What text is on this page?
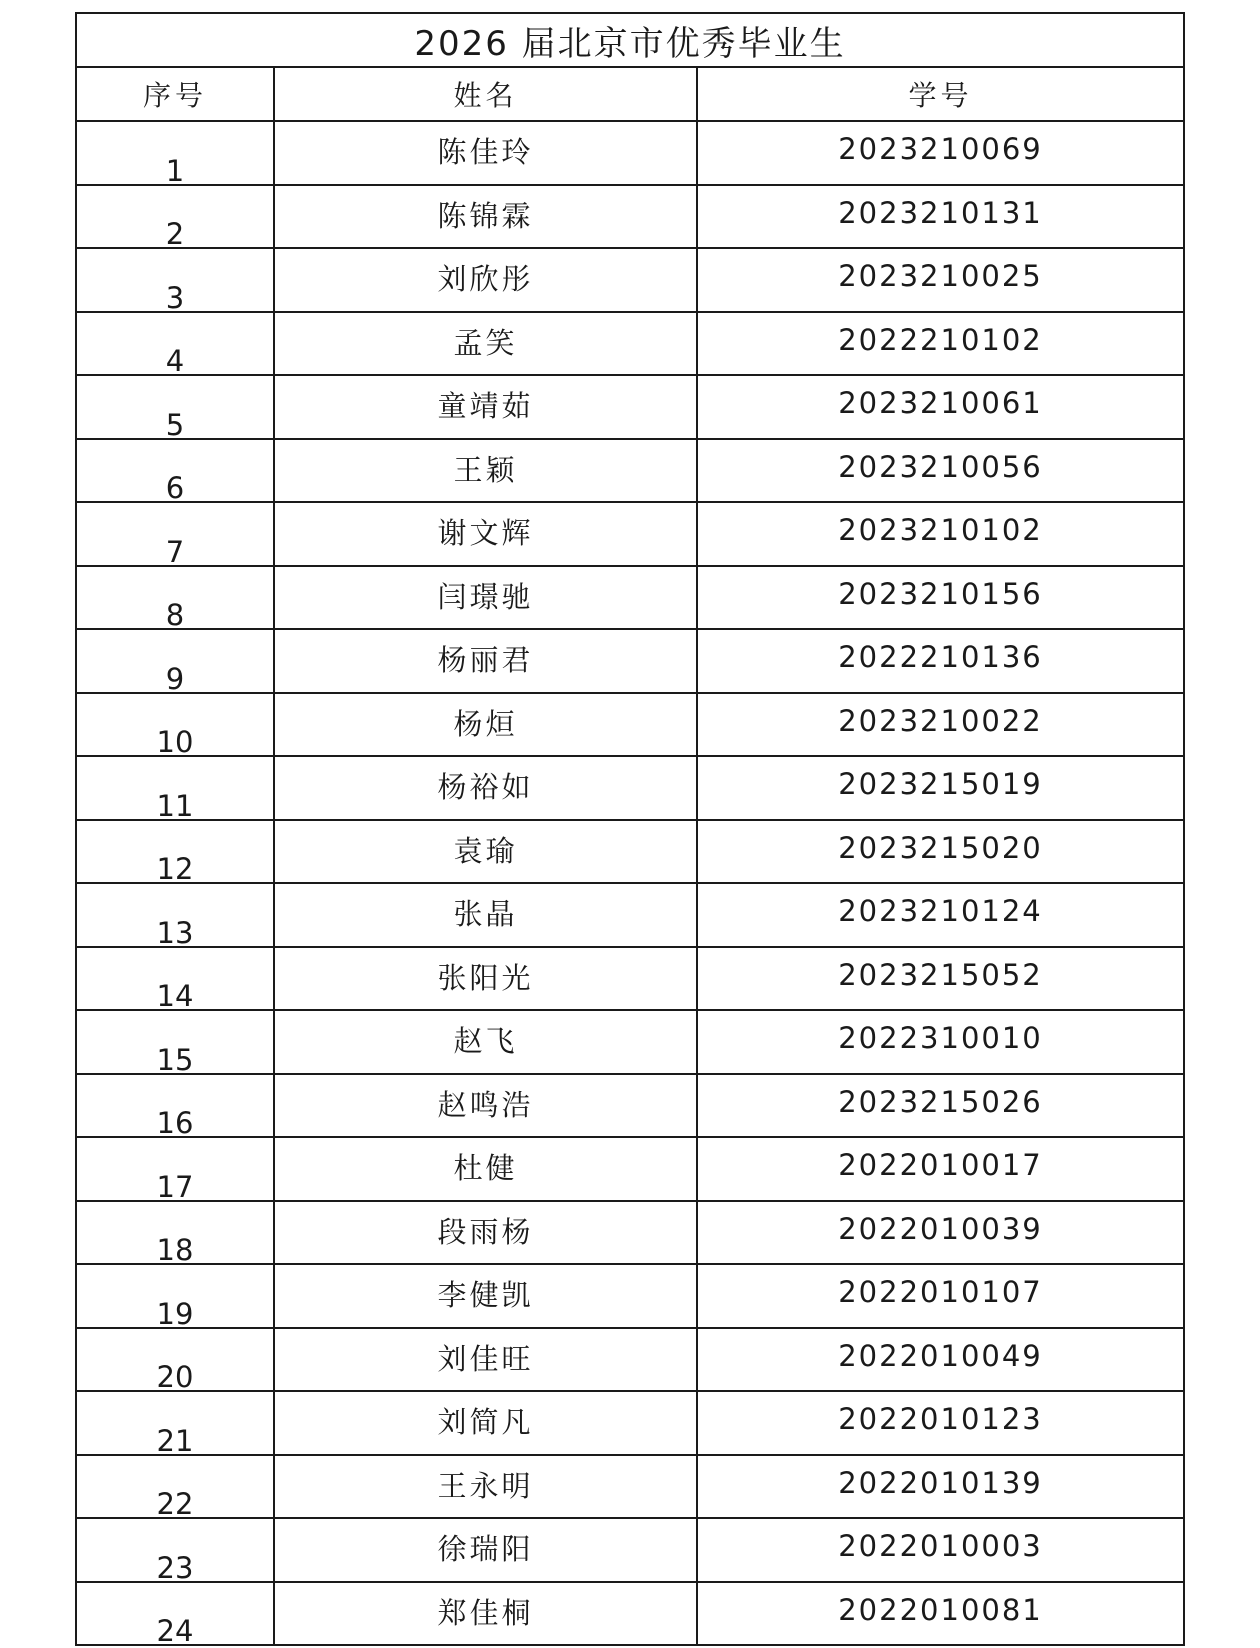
2026 届北京市优秀毕业生		
序号	姓名	学号
1	陈佳玲	2023210069
2	陈锦霖	2023210131
3	刘欣彤	2023210025
4	孟笑	2022210102
5	童靖茹	2023210061
6	王颖	2023210056
7	谢文辉	2023210102
8	闫璟驰	2023210156
9	杨丽君	2022210136
10	杨烜	2023210022
11	杨裕如	2023215019
12	袁瑜	2023215020
13	张晶	2023210124
14	张阳光	2023215052
15	赵飞	2022310010
16	赵鸣浩	2023215026
17	杜健	2022010017
18	段雨杨	2022010039
19	李健凯	2022010107
20	刘佳旺	2022010049
21	刘简凡	2022010123
22	王永明	2022010139
23	徐瑞阳	2022010003
24	郑佳桐	2022010081
